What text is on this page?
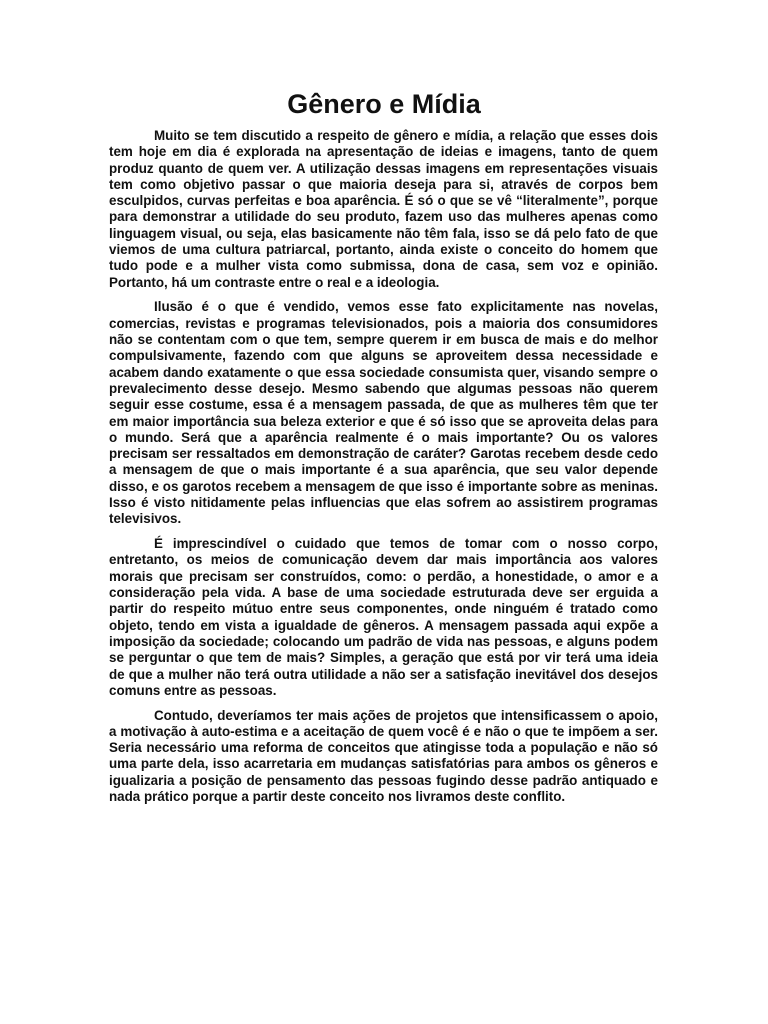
Gênero e Mídia

Muito se tem discutido a respeito de gênero e mídia, a relação que esses dois tem hoje em dia é explorada na apresentação de ideias e imagens, tanto de quem produz quanto de quem ver. A utilização dessas imagens em representações visuais tem como objetivo passar o que maioria deseja para si, através de corpos bem esculpidos, curvas perfeitas e boa aparência. É só o que se vê “literalmente”, porque para demonstrar a utilidade do seu produto, fazem uso das mulheres apenas como linguagem visual, ou seja, elas basicamente não têm fala, isso se dá pelo fato de que viemos de uma cultura patriarcal, portanto, ainda existe o conceito do homem que tudo pode e a mulher vista como submissa, dona de casa, sem voz e opinião. Portanto, há um contraste entre o real e a ideologia.

Ilusão é o que é vendido, vemos esse fato explicitamente nas novelas, comercias, revistas e programas televisionados, pois a maioria dos consumidores não se contentam com o que tem, sempre querem ir em busca de mais e do melhor compulsivamente, fazendo com que alguns se aproveitem dessa necessidade e acabem dando exatamente o que essa sociedade consumista quer, visando sempre o prevalecimento desse desejo. Mesmo sabendo que algumas pessoas não querem seguir esse costume, essa é a mensagem passada, de que as mulheres têm que ter em maior importância sua beleza exterior e que é só isso que se aproveita delas para o mundo. Será que a aparência realmente é o mais importante? Ou os valores precisam ser ressaltados em demonstração de caráter? Garotas recebem desde cedo a mensagem de que o mais importante é a sua aparência, que seu valor depende disso, e os garotos recebem a mensagem de que isso é importante sobre as meninas. Isso é visto nitidamente pelas influencias que elas sofrem ao assistirem programas televisivos.

É imprescindível o cuidado que temos de tomar com o nosso corpo, entretanto, os meios de comunicação devem dar mais importância aos valores morais que precisam ser construídos, como: o perdão, a honestidade, o amor e a consideração pela vida. A base de uma sociedade estruturada deve ser erguida a partir do respeito mútuo entre seus componentes, onde ninguém é tratado como objeto, tendo em vista a igualdade de gêneros. A mensagem passada aqui expõe a imposição da sociedade; colocando um padrão de vida nas pessoas, e alguns podem se perguntar o que tem de mais? Simples, a geração que está por vir terá uma ideia de que a mulher não terá outra utilidade a não ser a satisfação inevitável dos desejos comuns entre as pessoas.

Contudo, deveríamos ter mais ações de projetos que intensificassem o apoio, a motivação à auto-estima e a aceitação de quem você é e não o que te impõem a ser. Seria necessário uma reforma de conceitos que atingisse toda a população e não só uma parte dela, isso acarretaria em mudanças satisfatórias para ambos os gêneros e igualizaria a posição de pensamento das pessoas fugindo desse padrão antiquado e nada prático porque a partir deste conceito nos livramos deste conflito.
